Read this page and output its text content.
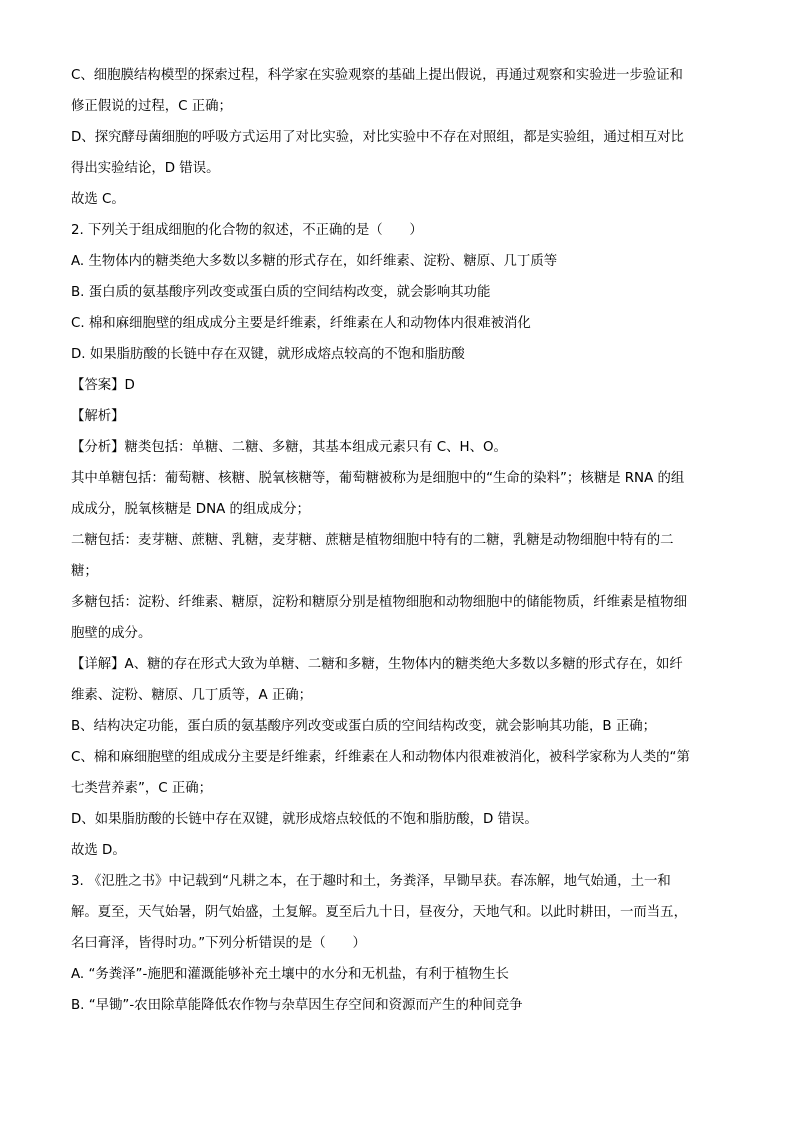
C、细胞膜结构模型的探索过程，科学家在实验观察的基础上提出假说，再通过观察和实验进一步验证和
修正假说的过程，C 正确；
D、探究酵母菌细胞的呼吸方式运用了对比实验，对比实验中不存在对照组，都是实验组，通过相互对比
得出实验结论，D 错误。
故选 C。
2. 下列关于组成细胞的化合物的叙述，不正确的是（　　）
A. 生物体内的糖类绝大多数以多糖的形式存在，如纤维素、淀粉、糖原、几丁质等
B. 蛋白质的氨基酸序列改变或蛋白质的空间结构改变，就会影响其功能
C. 棉和麻细胞壁的组成成分主要是纤维素，纤维素在人和动物体内很难被消化
D. 如果脂肪酸的长链中存在双键，就形成熔点较高的不饱和脂肪酸
【答案】D
【解析】
【分析】糖类包括：单糖、二糖、多糖，其基本组成元素只有 C、H、O。
其中单糖包括：葡萄糖、核糖、脱氧核糖等，葡萄糖被称为是细胞中的“生命的染料”；核糖是 RNA 的组
成成分，脱氧核糖是 DNA 的组成成分；
二糖包括：麦芽糖、蔗糖、乳糖，麦芽糖、蔗糖是植物细胞中特有的二糖，乳糖是动物细胞中特有的二
糖；
多糖包括：淀粉、纤维素、糖原，淀粉和糖原分别是植物细胞和动物细胞中的储能物质，纤维素是植物细
胞壁的成分。
【详解】A、糖的存在形式大致为单糖、二糖和多糖，生物体内的糖类绝大多数以多糖的形式存在，如纤
维素、淀粉、糖原、几丁质等，A 正确；
B、结构决定功能，蛋白质的氨基酸序列改变或蛋白质的空间结构改变，就会影响其功能，B 正确；
C、棉和麻细胞壁的组成成分主要是纤维素，纤维素在人和动物体内很难被消化，被科学家称为人类的“第
七类营养素”，C 正确；
D、如果脂肪酸的长链中存在双键，就形成熔点较低的不饱和脂肪酸，D 错误。
故选 D。
3. 《氾胜之书》中记载到“凡耕之本，在于趣时和土，务粪泽，早锄早获。春冻解，地气始通，土一和
解。夏至，天气始暑，阴气始盛，土复解。夏至后九十日，昼夜分，天地气和。以此时耕田，一而当五，
名曰膏泽，皆得时功。”下列分析错误的是（　　）
A. “务粪泽”-施肥和灌溉能够补充土壤中的水分和无机盐，有利于植物生长
B. “早锄”-农田除草能降低农作物与杂草因生存空间和资源而产生的种间竞争
